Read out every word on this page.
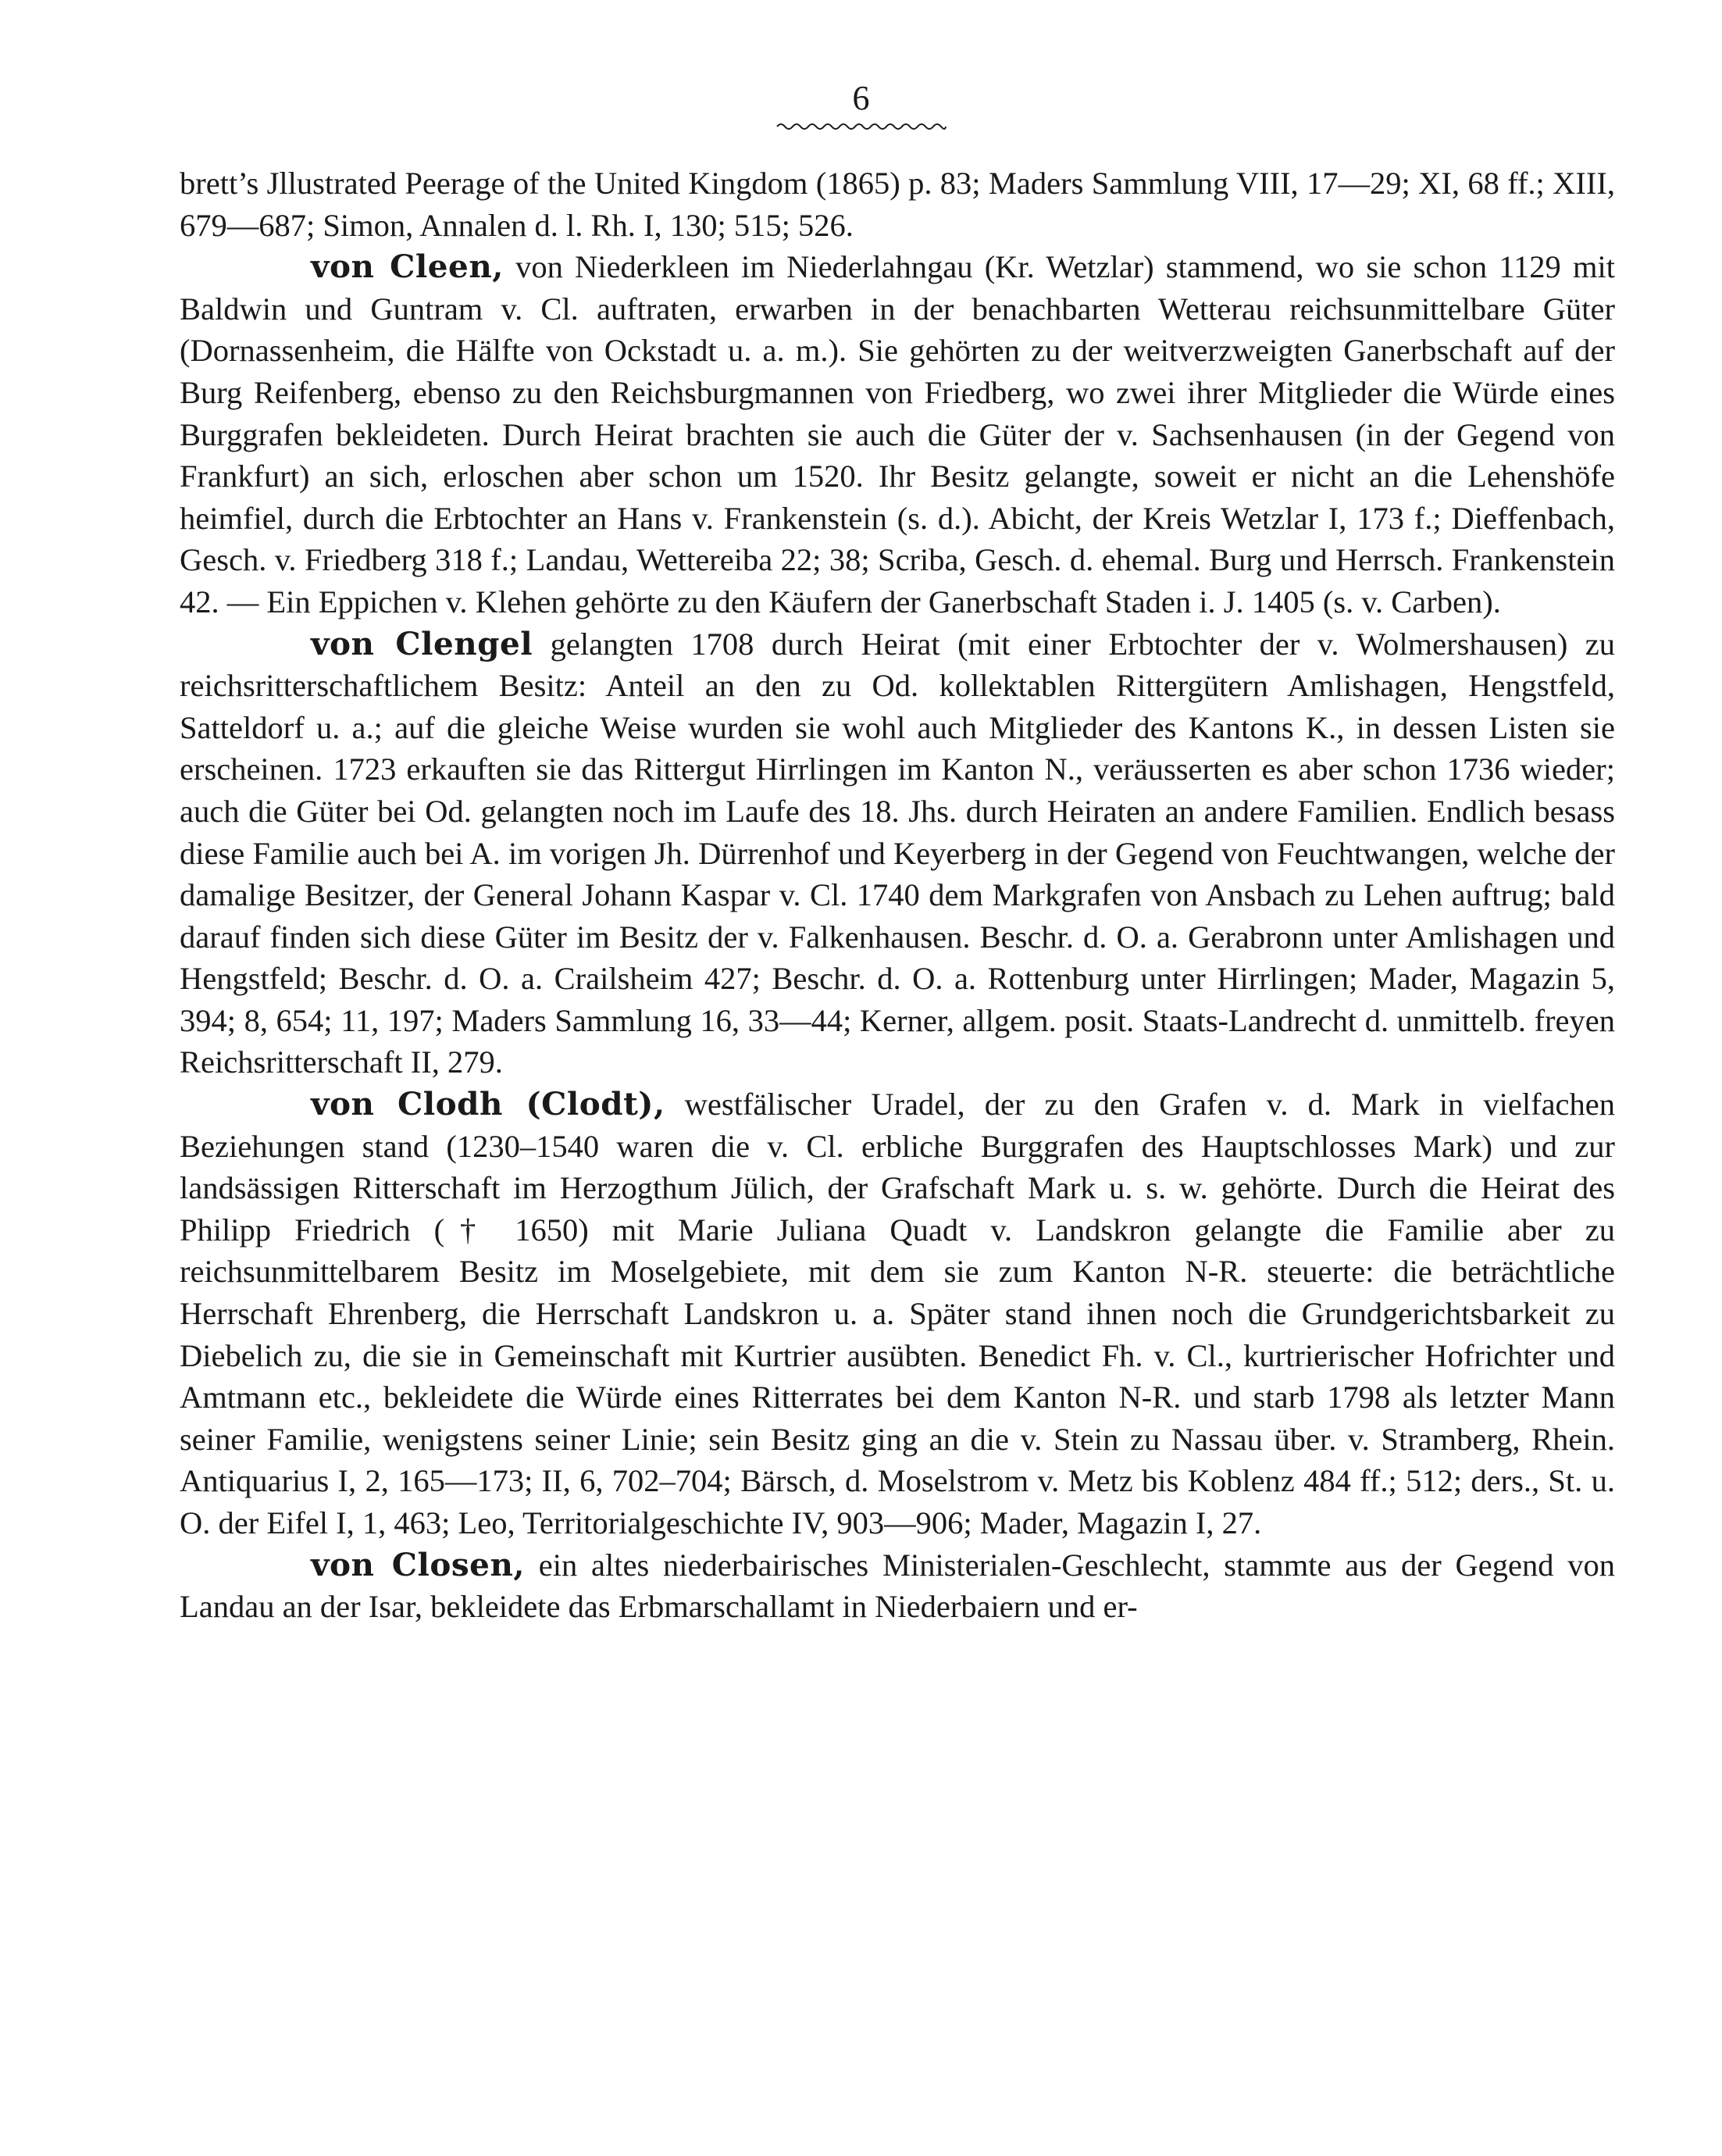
6

brett’s Jllustrated Peerage of the United Kingdom (1865) p. 83; Maders Sammlung VIII, 17—29; XI, 68 ff.; XIII, 679—687; Simon, Annalen d. l. Rh. I, 130; 515; 526.

von Cleen, von Niederkleen im Niederlahngau (Kr. Wetzlar) stammend, wo sie schon 1129 mit Baldwin und Guntram v. Cl. auftraten, erwarben in der benachbarten Wetterau reichsunmittelbare Güter (Dornassenheim, die Hälfte von Ockstadt u. a. m.). Sie gehörten zu der weitverzweigten Ganerbschaft auf der Burg Reifenberg, ebenso zu den Reichsburgmannen von Friedberg, wo zwei ihrer Mitglieder die Würde eines Burggrafen bekleideten. Durch Heirat brachten sie auch die Güter der v. Sachsenhausen (in der Gegend von Frankfurt) an sich, erloschen aber schon um 1520. Ihr Besitz gelangte, soweit er nicht an die Lehenshöfe heimfiel, durch die Erbtochter an Hans v. Frankenstein (s. d.). Abicht, der Kreis Wetzlar I, 173 f.; Dieffenbach, Gesch. v. Friedberg 318 f.; Landau, Wettereiba 22; 38; Scriba, Gesch. d. ehemal. Burg und Herrsch. Frankenstein 42. — Ein Eppichen v. Klehen gehörte zu den Käufern der Ganerbschaft Staden i. J. 1405 (s. v. Carben).

von Clengel gelangten 1708 durch Heirat (mit einer Erbtochter der v. Wolmershausen) zu reichsritterschaftlichem Besitz: Anteil an den zu Od. kollektablen Rittergütern Amlishagen, Hengstfeld, Satteldorf u. a.; auf die gleiche Weise wurden sie wohl auch Mitglieder des Kantons K., in dessen Listen sie erscheinen. 1723 erkauften sie das Rittergut Hirrlingen im Kanton N., veräusserten es aber schon 1736 wieder; auch die Güter bei Od. gelangten noch im Laufe des 18. Jhs. durch Heiraten an andere Familien. Endlich besass diese Familie auch bei A. im vorigen Jh. Dürrenhof und Keyerberg in der Gegend von Feuchtwangen, welche der damalige Besitzer, der General Johann Kaspar v. Cl. 1740 dem Markgrafen von Ansbach zu Lehen auftrug; bald darauf finden sich diese Güter im Besitz der v. Falkenhausen. Beschr. d. O. a. Gerabronn unter Amlishagen und Hengstfeld; Beschr. d. O. a. Crailsheim 427; Beschr. d. O. a. Rottenburg unter Hirrlingen; Mader, Magazin 5, 394; 8, 654; 11, 197; Maders Sammlung 16, 33—44; Kerner, allgem. posit. Staats-Landrecht d. unmittelb. freyen Reichsritterschaft II, 279.

von Clodh (Clodt), westfälischer Uradel, der zu den Grafen v. d. Mark in vielfachen Beziehungen stand (1230–1540 waren die v. Cl. erbliche Burggrafen des Hauptschlosses Mark) und zur landsässigen Ritterschaft im Herzogthum Jülich, der Grafschaft Mark u. s. w. gehörte. Durch die Heirat des Philipp Friedrich († 1650) mit Marie Juliana Quadt v. Landskron gelangte die Familie aber zu reichsunmittelbarem Besitz im Moselgebiete, mit dem sie zum Kanton N-R. steuerte: die beträchtliche Herrschaft Ehrenberg, die Herrschaft Landskron u. a. Später stand ihnen noch die Grundgerichtsbarkeit zu Diebelich zu, die sie in Gemeinschaft mit Kurtrier ausübten. Benedict Fh. v. Cl., kurtrierischer Hofrichter und Amtmann etc., bekleidete die Würde eines Ritterrates bei dem Kanton N-R. und starb 1798 als letzter Mann seiner Familie, wenigstens seiner Linie; sein Besitz ging an die v. Stein zu Nassau über. v. Stramberg, Rhein. Antiquarius I, 2, 165—173; II, 6, 702–704; Bärsch, d. Moselstrom v. Metz bis Koblenz 484 ff.; 512; ders., St. u. O. der Eifel I, 1, 463; Leo, Territorialgeschichte IV, 903—906; Mader, Magazin I, 27.

von Closen, ein altes niederbairisches Ministerialen-Geschlecht, stammte aus der Gegend von Landau an der Isar, bekleidete das Erbmarschallamt in Niederbaiern und er-
